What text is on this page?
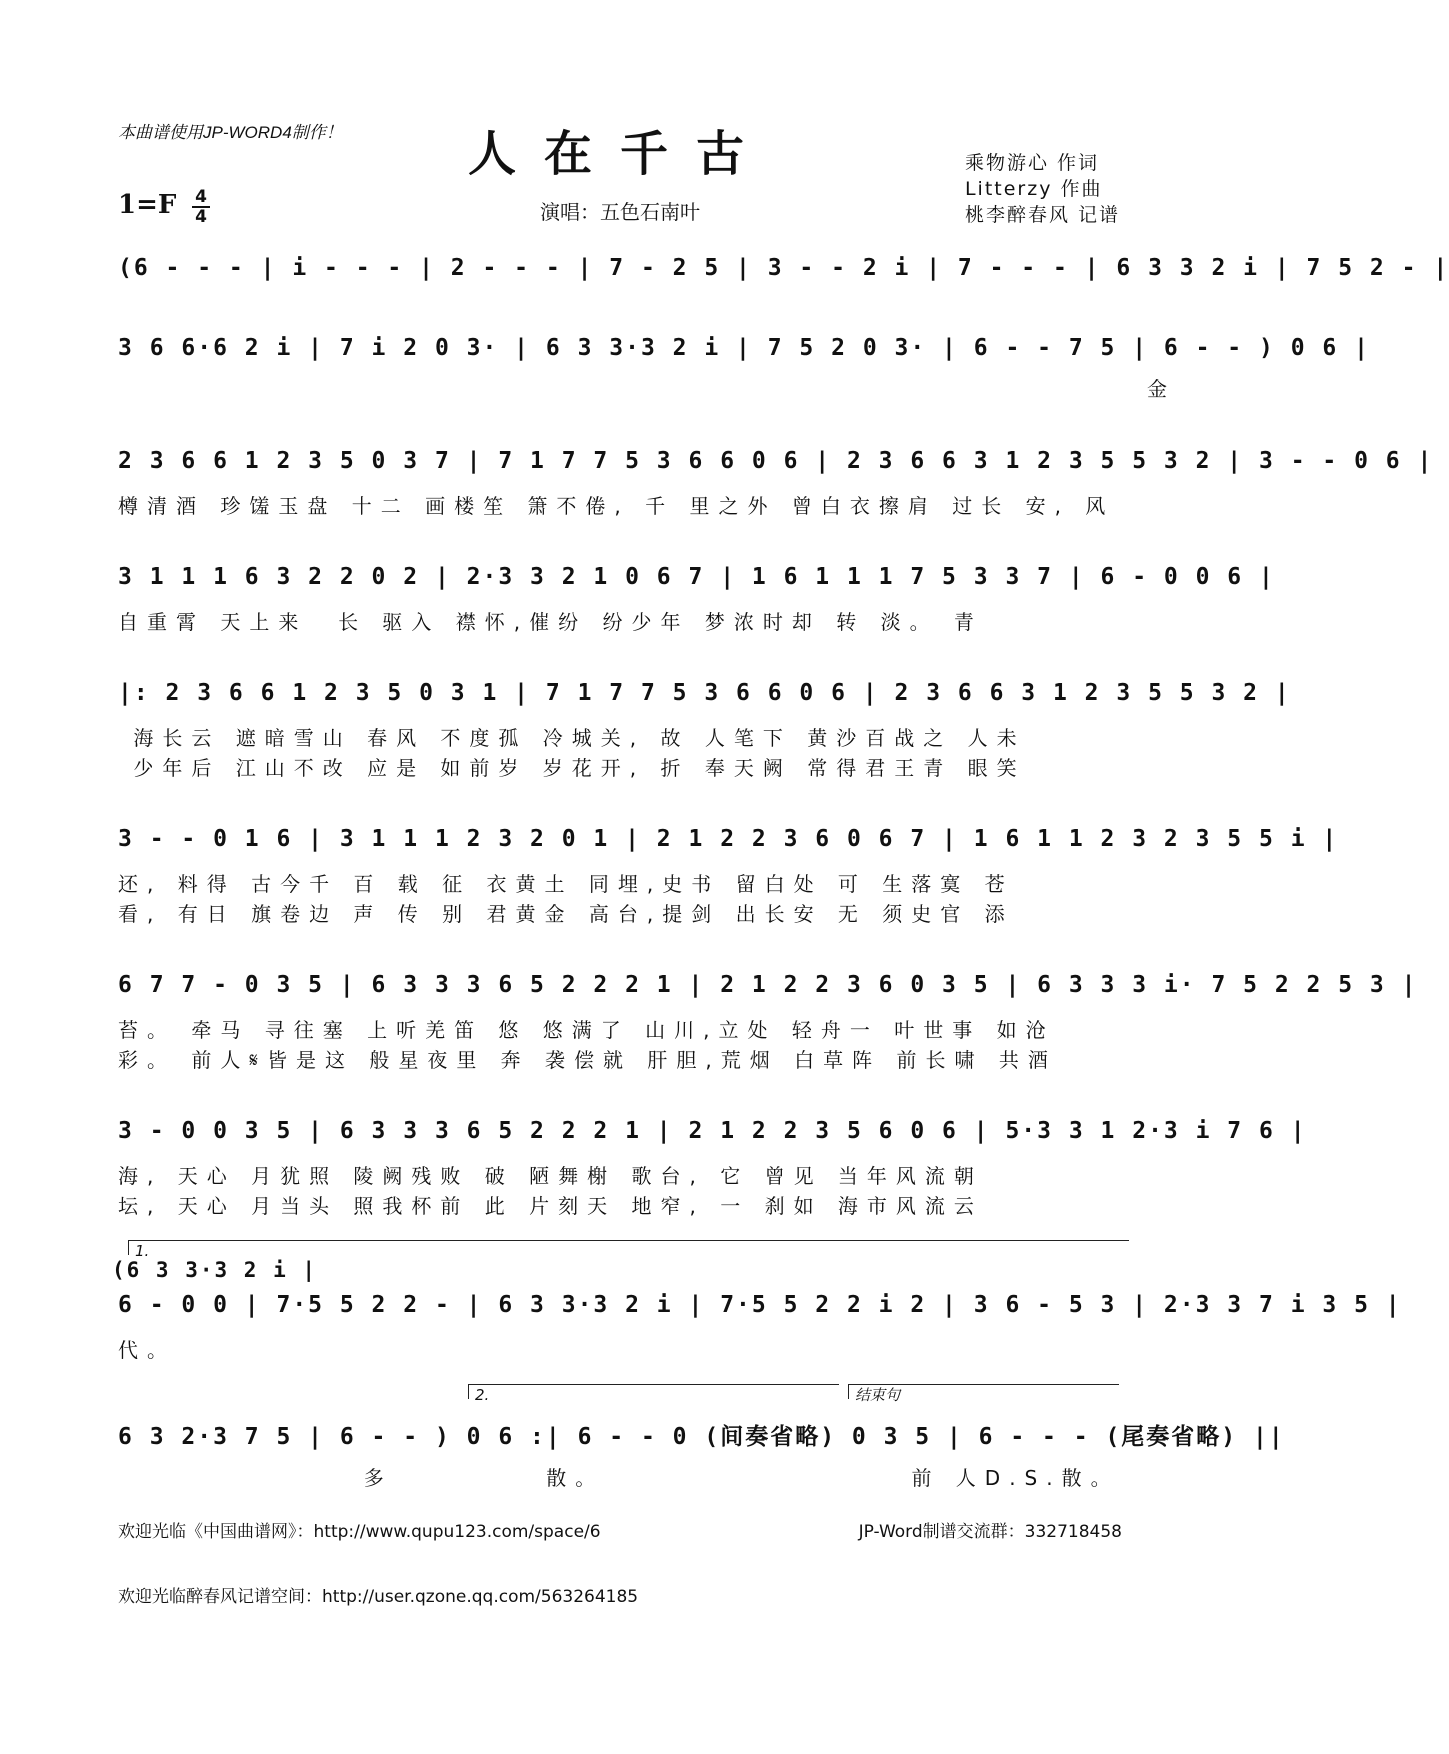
本曲谱使用JP-WORD4制作！	人在千古
1=F 4
4	演唱：五色石南叶
乘物游心 作词
Litterzy 作曲
桃李醉春风 记谱
(6 - - - | i - - - | 2 - - - | 7 - 2 5 | 3 - - 2 i | 7 - - - | 6 3 3 2 i | 7 5 2 - |
3 6 6·6 2 i | 7 i 2 0 3· | 6 3 3·3 2 i | 7 5 2 0 3· | 6 - - 7 5 | 6 - - ) 0 6 |
金
2 3 6 6 1 2 3 5 0 3 7 | 7 1 7 7 5 3 6 6 0 6 | 2 3 6 6 3 1 2 3 5 5 3 2 | 3 - - 0 6 |
樽清酒 珍馐玉盘 十二 画楼笙 箫不倦, 千 里之外 曾白衣擦肩 过长 安, 风
3 1 1 1 6 3 2 2 0 2 | 2·3 3 2 1 0 6 7 | 1 6 1 1 1 7 5 3 3 7 | 6 - 0 0 6 |
自重霄 天上来  长 驱入 襟怀,催纷 纷少年 梦浓时却 转 淡。 青
|: 2 3 6 6 1 2 3 5 0 3 1 | 7 1 7 7 5 3 6 6 0 6 | 2 3 6 6 3 1 2 3 5 5 3 2 |
海长云 遮暗雪山 春风 不度孤 冷城关, 故 人笔下 黄沙百战之 人未
少年后 江山不改 应是 如前岁 岁花开, 折 奉天阙 常得君王青 眼笑
3 - - 0 1 6 | 3 1 1 1 2 3 2 0 1 | 2 1 2 2 3 6 0 6 7 | 1 6 1 1 2 3 2 3 5 5 i |
还, 料得 古今千 百 载 征 衣黄土 同埋,史书 留白处 可 生落寞 苍
看, 有日 旗卷边 声 传 别 君黄金 高台,提剑 出长安 无 须史官 添
6 7 7 - 0 3 5 | 6 3 3 3 6 5 2 2 2 1 | 2 1 2 2 3 6 0 3 5 | 6 3 3 3 i· 7 5 2 2 5 3 |
苔。 牵马 寻往塞 上听羌笛 悠 悠满了 山川,立处 轻舟一 叶世事 如沧
彩。 前人𝄋皆是这 般星夜里 奔 袭偿就 肝胆,荒烟 白草阵 前长啸 共酒
3 - 0 0 3 5 | 6 3 3 3 6 5 2 2 2 1 | 2 1 2 2 3 5 6 0 6 | 5·3 3 1 2·3 i 7 6 |
海, 天心 月犹照 陵阙残败 破 陋舞榭 歌台, 它 曾见 当年风流朝
坛, 天心 月当头 照我杯前 此 片刻天 地窄, 一 刹如 海市风流云
1.
(6 3 3·3 2 i |
6 - 0 0 | 7·5 5 2 2 - | 6 3 3·3 2 i | 7·5 5 2 2 i 2 | 3 6 - 5 3 | 2·3 3 7 i 3 5 |
代。
2.	结束句
6 3 2·3 7 5 | 6 - - ) 0 6 :| 6 - - 0 (间奏省略) 0 3 5 | 6 - - - (尾奏省略) ||
多          散。                    前 人D.S.散。
欢迎光临《中国曲谱网》：http://www.qupu123.com/space/6	JP-Word制谱交流群：332718458
欢迎光临醉春风记谱空间：http://user.qzone.qq.com/563264185
